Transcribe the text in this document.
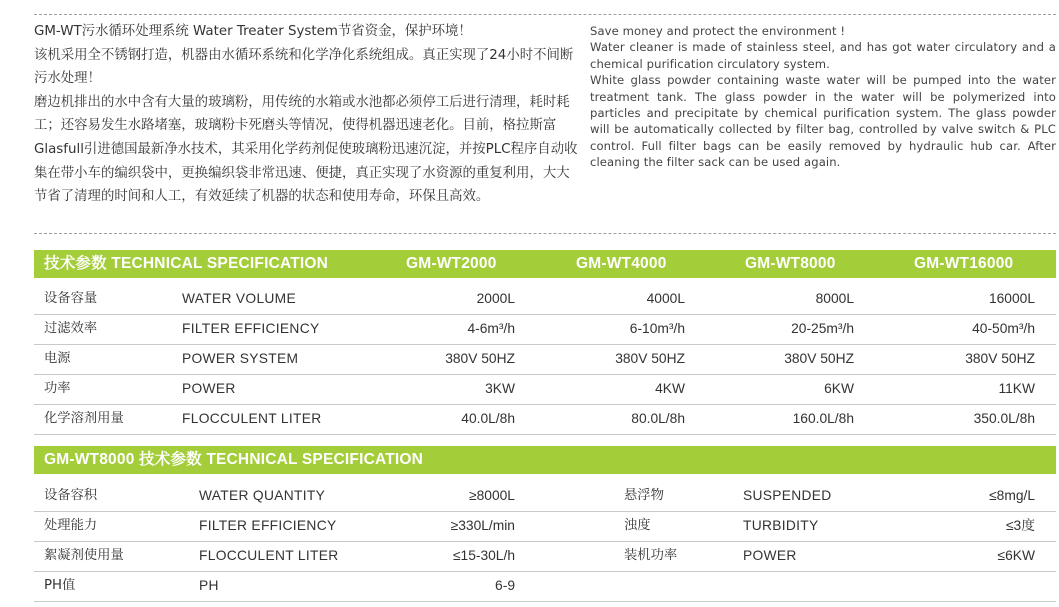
GM-WT污水循环处理系统 Water Treater System节省资金，保护环境！

该机采用全不锈钢打造，机器由水循环系统和化学净化系统组成。真正实现了24小时不间断污水处理！

磨边机排出的水中含有大量的玻璃粉，用传统的水箱或水池都必须停工后进行清理，耗时耗工；还容易发生水路堵塞，玻璃粉卡死磨头等情况，使得机器迅速老化。目前，格拉斯富Glasfull引进德国最新净水技术，其采用化学药剂促使玻璃粉迅速沉淀，并按PLC程序自动收集在带小车的编织袋中，更换编织袋非常迅速、便捷，真正实现了水资源的重复利用，大大节省了清理的时间和人工，有效延续了机器的状态和使用寿命，环保且高效。

Save money and protect the environment !

Water cleaner is made of stainless steel, and has got water circulatory and a chemical purification circulatory system.

White glass powder containing waste water will be pumped into the water treatment tank. The glass powder in the water will be polymerized into particles and precipitate by chemical purification system. The glass powder will be automatically collected by filter bag, controlled by valve switch & PLC control. Full filter bags can be easily removed by hydraulic hub car. After cleaning the filter sack can be used again.

技术参数 TECHNICAL SPECIFICATION	GM-WT2000	GM-WT4000	GM-WT8000	GM-WT16000
设备容量	WATER VOLUME	2000L	4000L	8000L	16000L
过滤效率	FILTER EFFICIENCY	4-6m³/h	6-10m³/h	20-25m³/h	40-50m³/h
电源	POWER SYSTEM	380V 50HZ	380V 50HZ	380V 50HZ	380V 50HZ
功率	POWER	3KW	4KW	6KW	11KW
化学溶剂用量	FLOCCULENT LITER	40.0L/8h	80.0L/8h	160.0L/8h	350.0L/8h
GM-WT8000 技术参数 TECHNICAL SPECIFICATION
设备容积	WATER QUANTITY	≥8000L	悬浮物	SUSPENDED	≤8mg/L
处理能力	FILTER EFFICIENCY	≥330L/min	浊度	TURBIDITY	≤3度
絮凝剂使用量	FLOCCULENT LITER	≤15-30L/h	装机功率	POWER	≤6KW
PH值	PH	6-9
